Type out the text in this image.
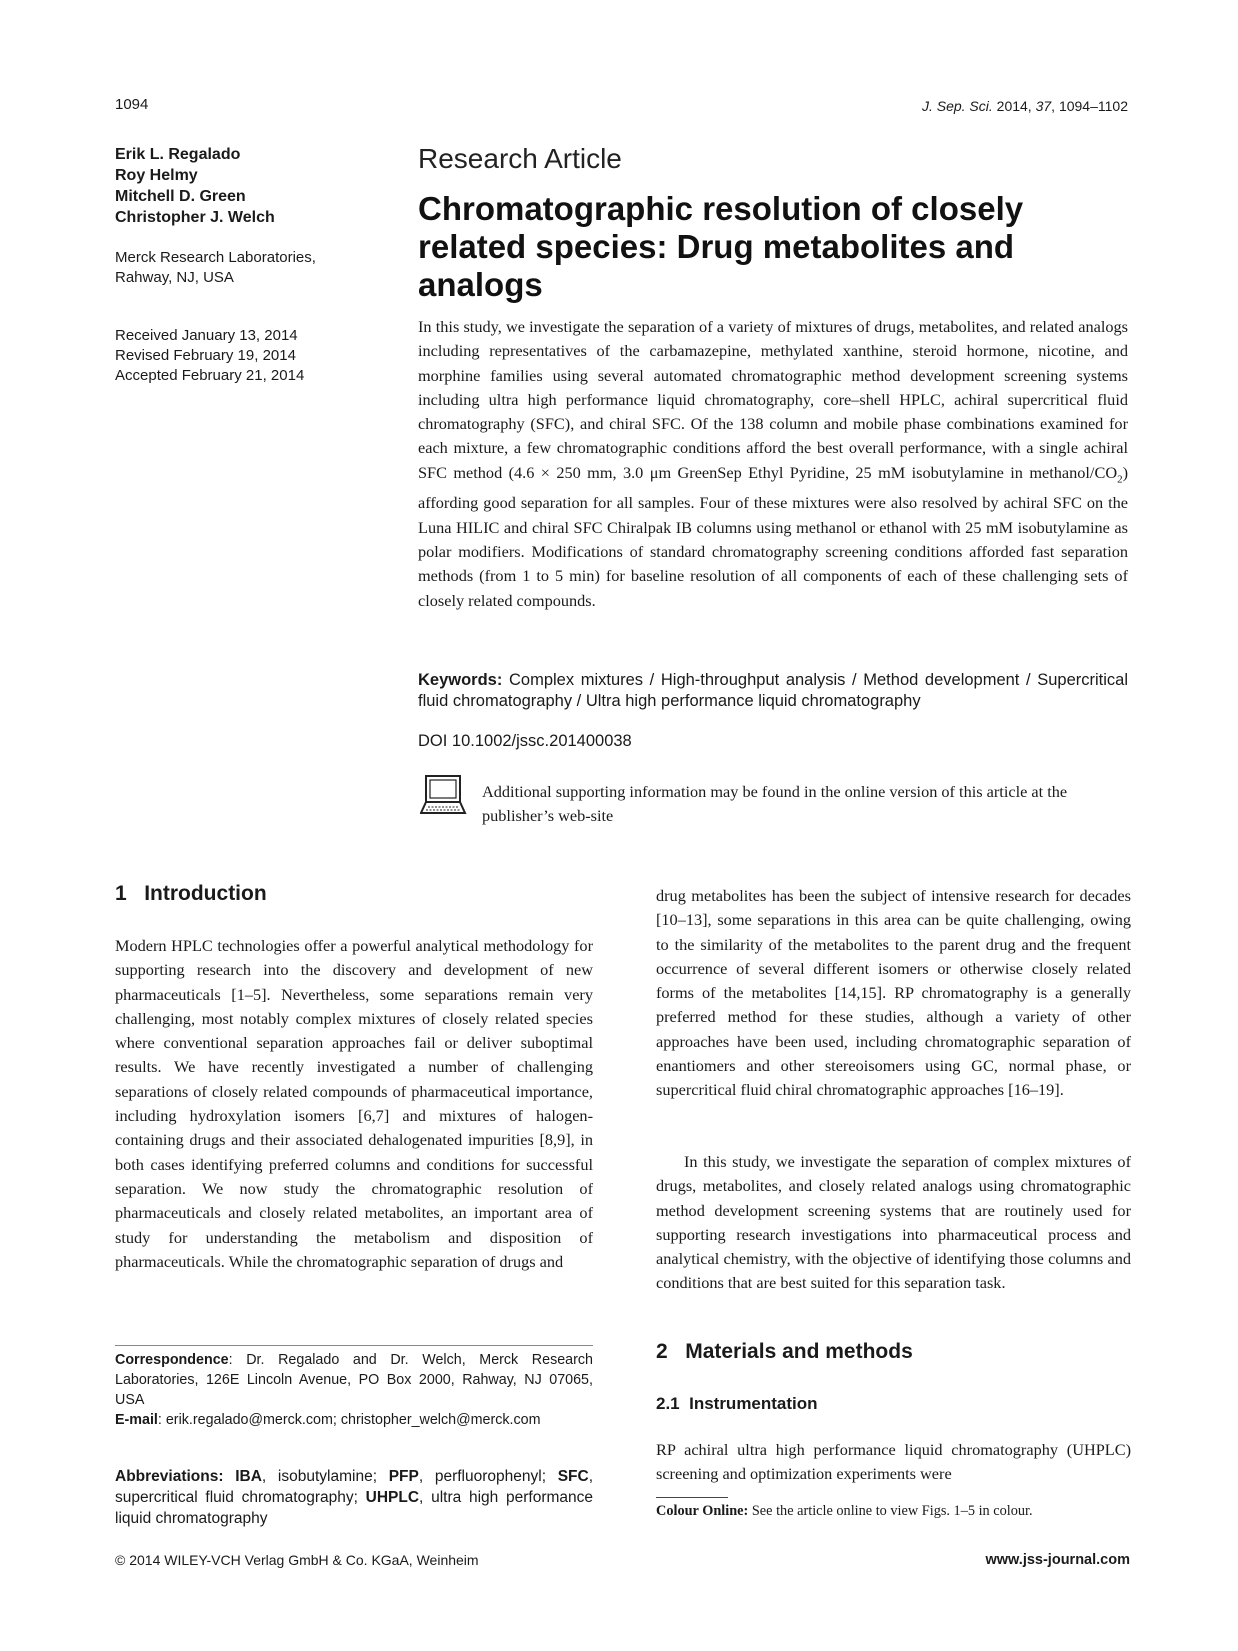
1094	J. Sep. Sci. 2014, 37, 1094–1102
Erik L. Regalado
Roy Helmy
Mitchell D. Green
Christopher J. Welch
Merck Research Laboratories,
Rahway, NJ, USA
Received January 13, 2014
Revised February 19, 2014
Accepted February 21, 2014
Research Article
Chromatographic resolution of closely related species: Drug metabolites and analogs

In this study, we investigate the separation of a variety of mixtures of drugs, metabolites, and related analogs including representatives of the carbamazepine, methylated xanthine, steroid hormone, nicotine, and morphine families using several automated chromatographic method development screening systems including ultra high performance liquid chromatography, core–shell HPLC, achiral supercritical fluid chromatography (SFC), and chiral SFC. Of the 138 column and mobile phase combinations examined for each mixture, a few chromatographic conditions afford the best overall performance, with a single achiral SFC method (4.6 × 250 mm, 3.0 μm GreenSep Ethyl Pyridine, 25 mM isobutylamine in methanol/$CO_2$) affording good separation for all samples. Four of these mixtures were also resolved by achiral SFC on the Luna HILIC and chiral SFC Chiralpak IB columns using methanol or ethanol with 25 mM isobutylamine as polar modifiers. Modifications of standard chromatography screening conditions afforded fast separation methods (from 1 to 5 min) for baseline resolution of all components of each of these challenging sets of closely related compounds.

Keywords: Complex mixtures / High-throughput analysis / Method development / Supercritical fluid chromatography / Ultra high performance liquid chromatography

DOI 10.1002/jssc.201400038

Additional supporting information may be found in the online version of this article at the publisher’s web-site

1 Introduction

Modern HPLC technologies offer a powerful analytical methodology for supporting research into the discovery and development of new pharmaceuticals [1–5]. Nevertheless, some separations remain very challenging, most notably complex mixtures of closely related species where conventional separation approaches fail or deliver suboptimal results. We have recently investigated a number of challenging separations of closely related compounds of pharmaceutical importance, including hydroxylation isomers [6,7] and mixtures of halogen-containing drugs and their associated dehalogenated impurities [8,9], in both cases identifying preferred columns and conditions for successful separation. We now study the chromatographic resolution of pharmaceuticals and closely related metabolites, an important area of study for understanding the metabolism and disposition of pharmaceuticals. While the chromatographic separation of drugs and

drug metabolites has been the subject of intensive research for decades [10–13], some separations in this area can be quite challenging, owing to the similarity of the metabolites to the parent drug and the frequent occurrence of several different isomers or otherwise closely related forms of the metabolites [14,15]. RP chromatography is a generally preferred method for these studies, although a variety of other approaches have been used, including chromatographic separation of enantiomers and other stereoisomers using GC, normal phase, or supercritical fluid chiral chromatographic approaches [16–19].

In this study, we investigate the separation of complex mixtures of drugs, metabolites, and closely related analogs using chromatographic method development screening systems that are routinely used for supporting research investigations into pharmaceutical process and analytical chemistry, with the objective of identifying those columns and conditions that are best suited for this separation task.

Correspondence: Dr. Regalado and Dr. Welch, Merck Research Laboratories, 126E Lincoln Avenue, PO Box 2000, Rahway, NJ 07065, USA
E-mail: erik.regalado@merck.com; christopher_welch@merck.com

Abbreviations: IBA, isobutylamine; PFP, perfluorophenyl; SFC, supercritical fluid chromatography; UHPLC, ultra high performance liquid chromatography

2 Materials and methods
2.1 Instrumentation

RP achiral ultra high performance liquid chromatography (UHPLC) screening and optimization experiments were

Colour Online: See the article online to view Figs. 1–5 in colour.
© 2014 WILEY-VCH Verlag GmbH & Co. KGaA, Weinheim	www.jss-journal.com
